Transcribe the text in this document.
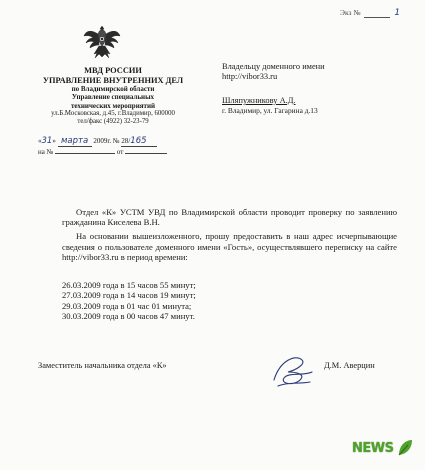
Экз №	1
МВД РОССИИ
УПРАВЛЕНИЕ ВНУТРЕННИХ ДЕЛ
по Владимирской области
Управление специальных
технических мероприятий
ул.Б.Московская, д.45, г.Владимир, 600000
тел/факс (4922) 32-23-79
«31» марта 2009г. № 28/165
на №	от
Владельцу доменного имени
http://vibor33.ru
Шляпужникову А.Д.
г. Владимир, ул. Гагарина д.13

Отдел «К» УСТМ УВД по Владимирской области проводит проверку по заявлению гражданина Киселева В.Н.

На основании вышеизложенного, прошу предоставить в наш адрес исчерпывающие сведения о пользователе доменного имени «Гость», осуществлявшего переписку на сайте http://vibor33.ru в период времени:

26.03.2009 года в 15 часов 55 минут;
27.03.2009 года в 14 часов 19 минут;
29.03.2009 года в 01 час 01 минута;
30.03.2009 года в 00 часов 47 минут.
Заместитель начальника отдела «К»	Д.М. Аверцин
NEWS
